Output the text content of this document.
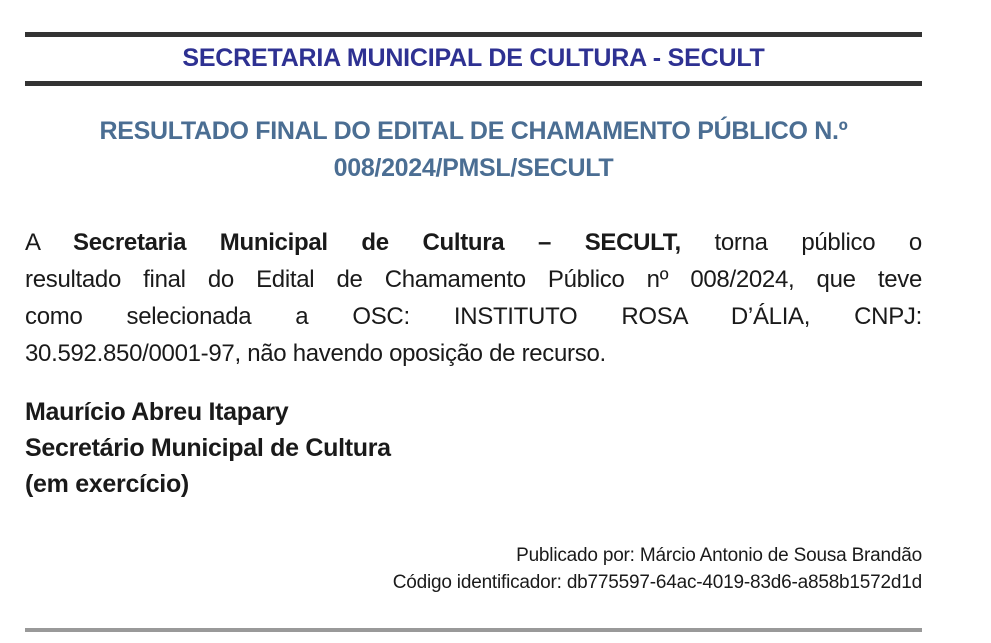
SECRETARIA MUNICIPAL DE CULTURA - SECULT
RESULTADO FINAL DO EDITAL DE CHAMAMENTO PÚBLICO N.º
008/2024/PMSL/SECULT
A Secretaria Municipal de Cultura – SECULT, torna público o
resultado final do Edital de Chamamento Público nº 008/2024, que teve
como selecionada a OSC: INSTITUTO ROSA D’ÁLIA, CNPJ:
30.592.850/0001-97, não havendo oposição de recurso.
Maurício Abreu Itapary
Secretário Municipal de Cultura
(em exercício)
Publicado por: Márcio Antonio de Sousa Brandão
Código identificador: db775597-64ac-4019-83d6-a858b1572d1d
